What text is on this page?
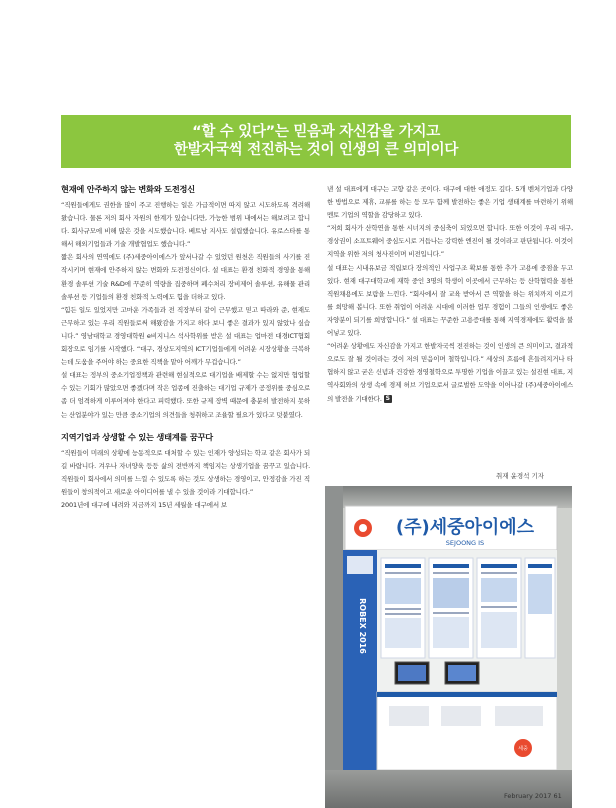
“할 수 있다”는 믿음과 자신감을 가지고
한발자국씩 전진하는 것이 인생의 큰 의미이다
현재에 안주하지 않는 변화와 도전정신

“직원들에게도 권한을 많이 주고 진행하는 일은 가급적이면 따지 않고 시도하도록 격려해왔습니다. 물론 저의 회사 자원의 한계가 있습니다만, 가능한 범위 내에서는 해보려고 합니다. 회사규모에 비해 많은 것을 시도했습니다. 베트남 지사도 설립했습니다. 유로스타를 통해서 해외기업들과 기술 개발협업도 했습니다.”

짧은 회사의 연역에도 (주)세중아이에스가 앞서나갈 수 있었던 원천은 직원들의 사기를 진작시키며 현재에 안주하지 않는 변화와 도전정신이다. 설 대표는 환경 친화적 경영을 통해 환경 솔루션 기술 R&D에 꾸준히 역량을 집중하며 폐수처리 장비제어 솔루션, 유해물 관리 솔루션 등 기업들의 환경 친화적 노력에도 힘을 더하고 있다.

“힘든 일도 있었지만 고마운 가족들과 전 직장부터 같이 근무했고 믿고 따라와 준, 현재도 근무하고 있는 우리 직원들로써 해왔감을 가지고 하다 보니 좋은 결과가 있지 않았나 싶습니다.” 영남대학교 경영대학원 e비지니스 석사학위를 받은 설 대표는 업마전 대경ICT협회 회장으로 임기를 시작했다. “대구, 경상도지역의 ICT기업들에게 어려운 시장상황을 극복하는데 도움을 주어야 하는 중요한 직책을 맡아 어깨가 무겁습니다.”

설 대표는 정부의 중소기업정책과 관련해 현실적으로 대기업을 배제할 수는 없지만 협업할 수 있는 기회가 많았으면 좋겠다며 작은 업종에 진출하는 대기업 규제가 공정위를 중심으로 좀 더 엄격하게 이루어져야 한다고 피력했다. 또한 규제 장벽 때문에 충분히 발전하지 못하는 산업분야가 있는 만큼 중소기업의 의견들을 청취하고 조율할 필요가 있다고 덧붙였다.

지역기업과 상생할 수 있는 생태계를 꿈꾸다

“직원들이 미래의 상황에 능동적으로 대처할 수 있는 인재가 양성되는 학교 같은 회사가 되길 바랍니다. 겨우나 자녀양육 등등 삶의 전반까지 책임지는 상생기업을 꿈꾸고 있습니다. 직원들이 회사에서 의미를 느낄 수 있도록 하는 것도 상생하는 경영이고, 안정감을 가진 직원들이 창의적이고 새로운 아이디어를 낼 수 있을 것이라 기대합니다.”

2001년에 대구에 내려와 지금까지 15년 세월을 대구에서 보

낸 설 대표에게 대구는 고향 같은 곳이다. 대구에 대한 애정도 깊다. 5개 벤처기업과 다양한 방법으로 제휴, 교류를 하는 등 모두 함께 발전하는 좋은 기업 생태계를 마련하기 위해 멘토 기업의 역할을 감당하고 있다.

“저희 회사가 산학연을 통한 시너지의 중심축이 되었으면 합니다. 또한 이것이 우리 대구, 경상권이 소프트웨어 중심도시로 거듭나는 강력한 엔진이 될 것이라고 판단됩니다. 이것이 지역을 위한 저의 청사진이며 비전입니다.”

설 대표는 시내유보금 적립보다 장의적인 사업구조 확보를 통한 추가 고용에 중점을 두고 있다. 현재 대구대학교에 재학 중인 3명의 학생이 이곳에서 근무하는 등 산학협력을 통한 직원채용에도 보람을 느낀다. “회사에서 잘 교육 받아서 큰 역할을 하는 위치까지 이르기를 희망해 봅니다. 또한 취업이 어려운 시대에 이러한 업무 경험이 그들의 인생에도 좋은 자양분이 되기를 희망합니다.” 설 대표는 꾸준한 고용증대를 통해 지역경제에도 활력을 불어넣고 있다.

“어려운 상황에도 자신감을 가지고 한발자국씩 전진하는 것이 인생의 큰 의미이고, 결과적으로도 잘 될 것이라는 것이 저의 믿음이며 철학입니다.” 세상의 흐름에 흔들려지거나 타협하지 않고 굳은 신념과 건강한 경영철학으로 투명한 기업을 이끌고 있는 설진현 대표, 지역사회와의 상생 속에 경제 허브 기업으로서 글로벌한 도약을 이어나갈 (주)세중아이에스의 발전을 기대한다. S

취재 윤경석 기자
(주)세중아이에스
SEJOONG IS
ROBEX 2016
세중
February 2017 61
